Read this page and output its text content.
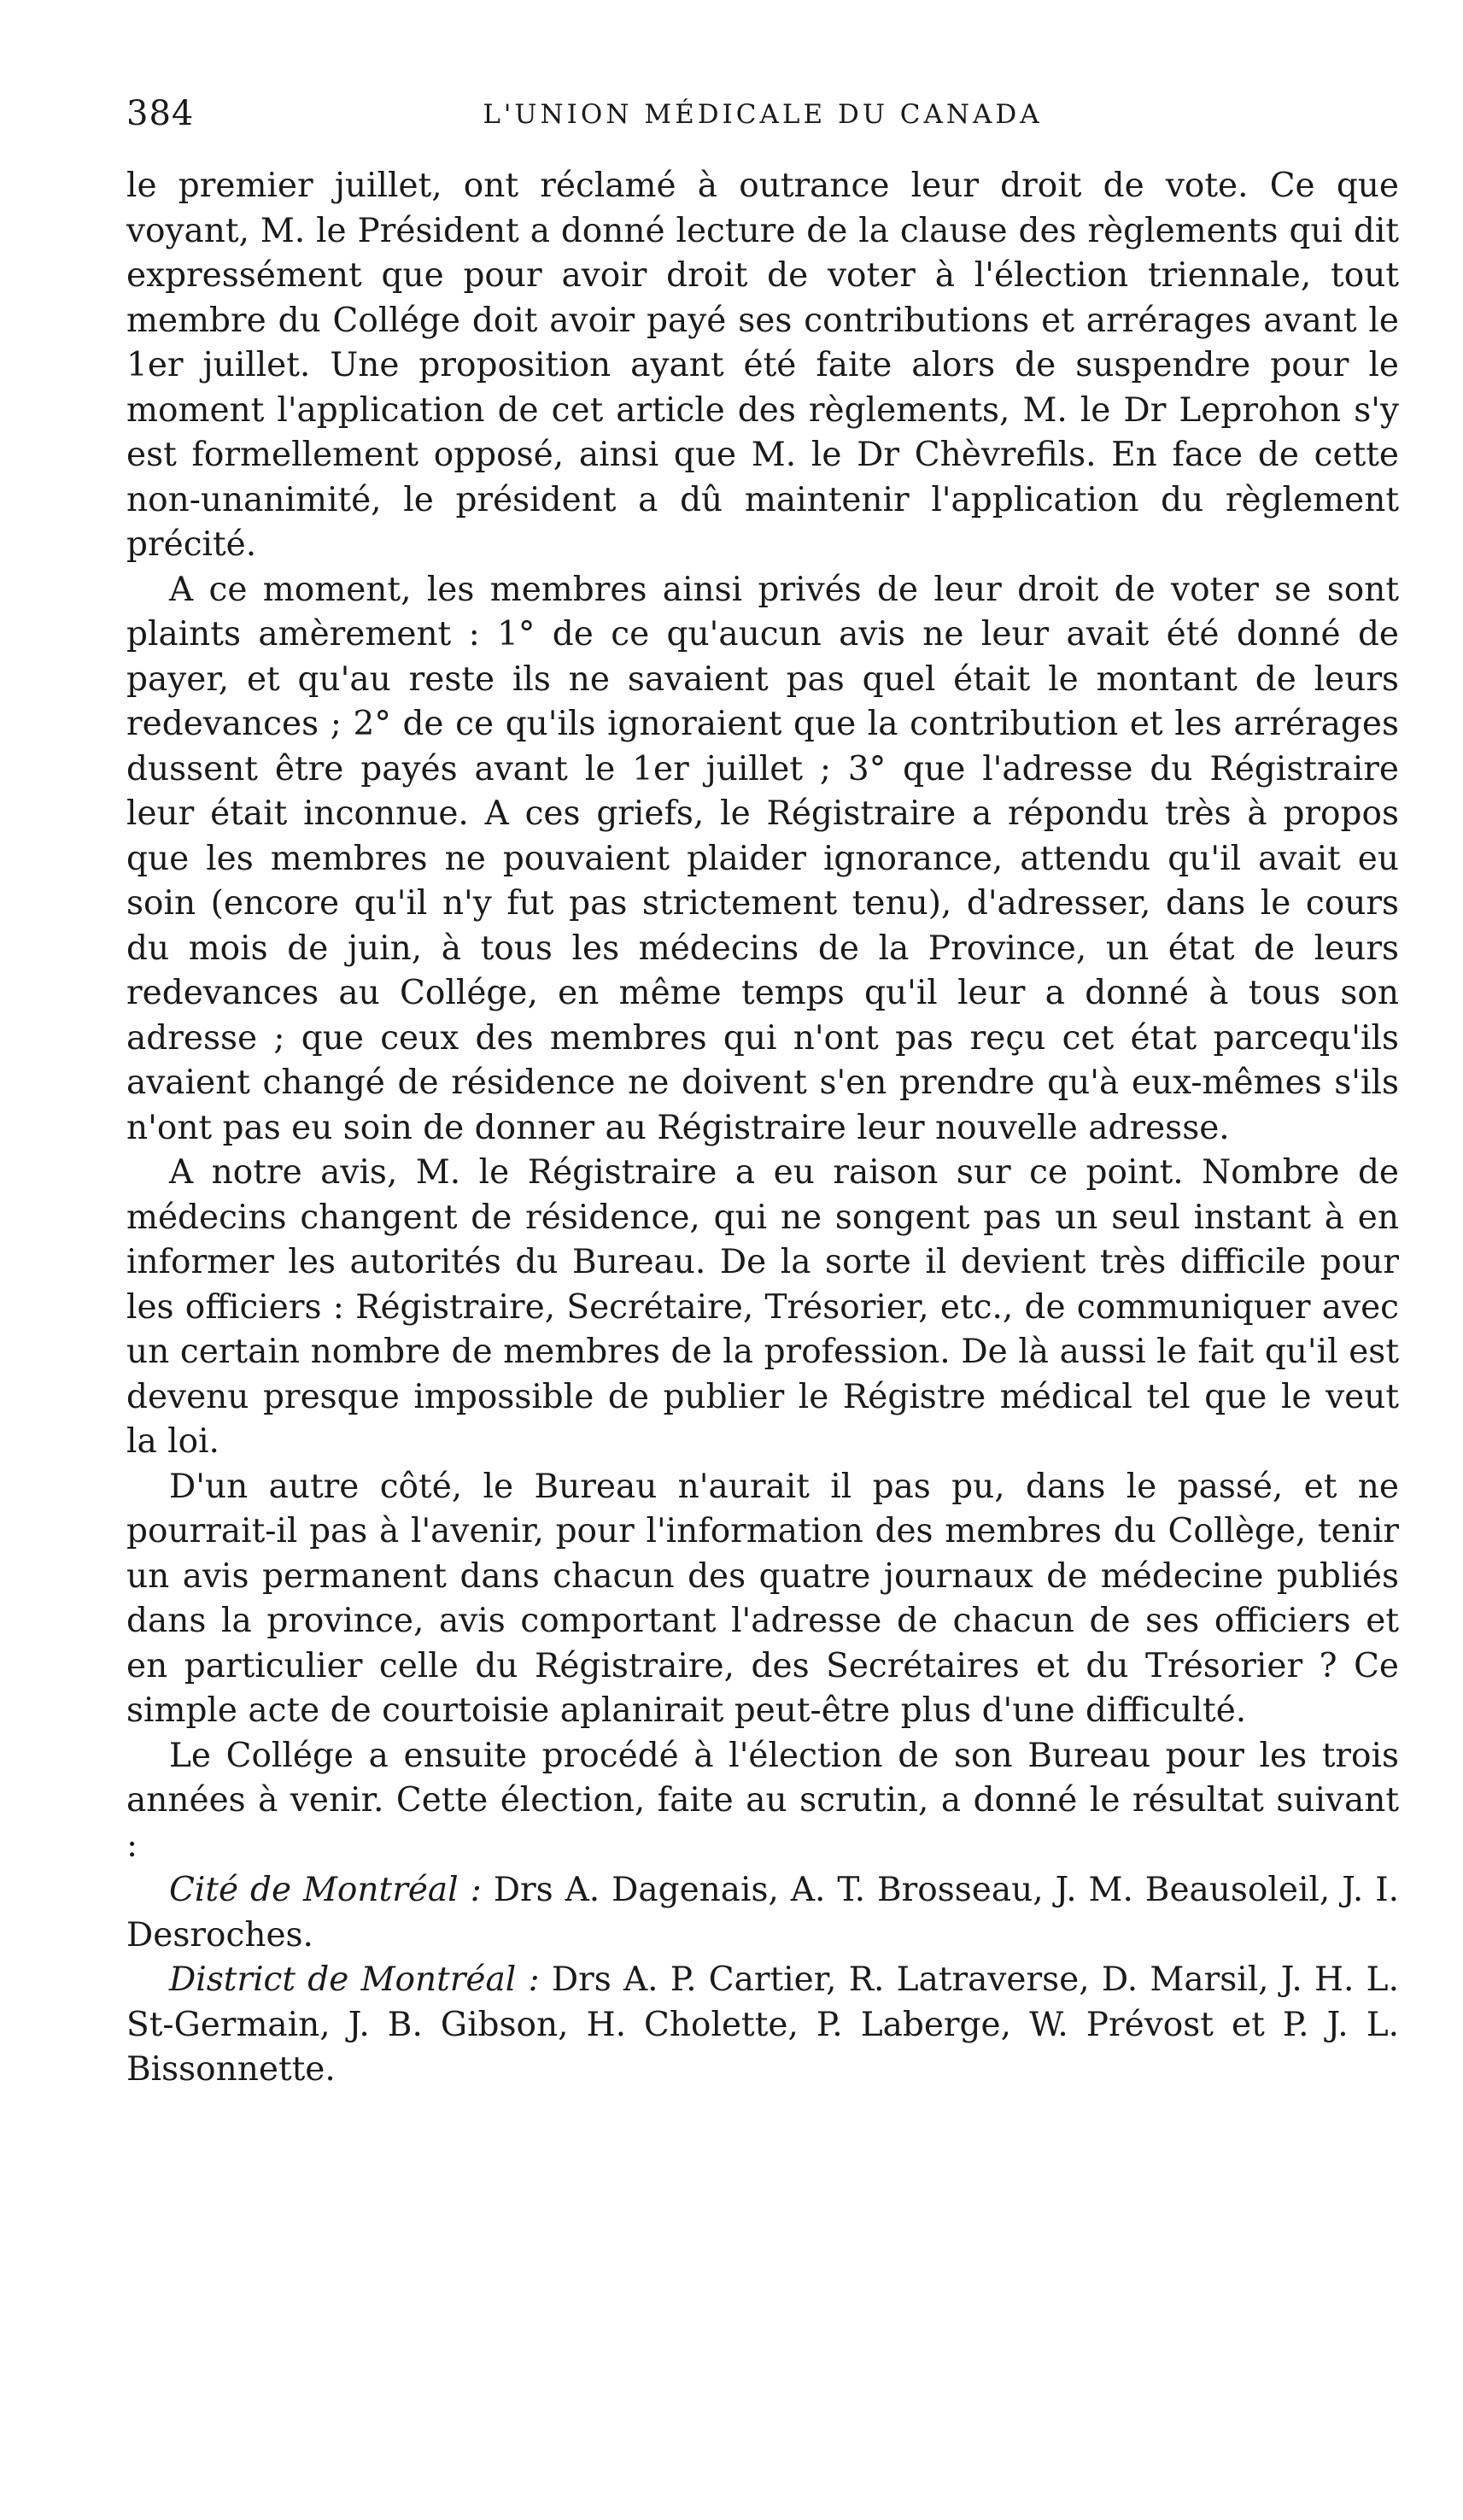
384	L'UNION MÉDICALE DU CANADA

le premier juillet, ont réclamé à outrance leur droit de vote. Ce que voyant, M. le Président a donné lecture de la clause des règlements qui dit expressément que pour avoir droit de voter à l'élection triennale, tout membre du Collége doit avoir payé ses contributions et arrérages avant le 1er juillet. Une proposition ayant été faite alors de suspendre pour le moment l'application de cet article des règlements, M. le Dr Leprohon s'y est formellement opposé, ainsi que M. le Dr Chèvrefils. En face de cette non-unanimité, le président a dû maintenir l'application du règlement précité.

A ce moment, les membres ainsi privés de leur droit de voter se sont plaints amèrement : 1° de ce qu'aucun avis ne leur avait été donné de payer, et qu'au reste ils ne savaient pas quel était le montant de leurs redevances ; 2° de ce qu'ils ignoraient que la contribution et les arrérages dussent être payés avant le 1er juillet ; 3° que l'adresse du Régistraire leur était inconnue. A ces griefs, le Régistraire a répondu très à propos que les membres ne pouvaient plaider ignorance, attendu qu'il avait eu soin (encore qu'il n'y fut pas strictement tenu), d'adresser, dans le cours du mois de juin, à tous les médecins de la Province, un état de leurs redevances au Collége, en même temps qu'il leur a donné à tous son adresse ; que ceux des membres qui n'ont pas reçu cet état parcequ'ils avaient changé de résidence ne doivent s'en prendre qu'à eux-mêmes s'ils n'ont pas eu soin de donner au Régistraire leur nouvelle adresse.

A notre avis, M. le Régistraire a eu raison sur ce point. Nombre de médecins changent de résidence, qui ne songent pas un seul instant à en informer les autorités du Bureau. De la sorte il devient très difficile pour les officiers : Régistraire, Secrétaire, Trésorier, etc., de communiquer avec un certain nombre de membres de la profession. De là aussi le fait qu'il est devenu presque impossible de publier le Régistre médical tel que le veut la loi.

D'un autre côté, le Bureau n'aurait il pas pu, dans le passé, et ne pourrait-il pas à l'avenir, pour l'information des membres du Collège, tenir un avis permanent dans chacun des quatre journaux de médecine publiés dans la province, avis comportant l'adresse de chacun de ses officiers et en particulier celle du Régistraire, des Secrétaires et du Trésorier ? Ce simple acte de courtoisie aplanirait peut-être plus d'une difficulté.

Le Collége a ensuite procédé à l'élection de son Bureau pour les trois années à venir. Cette élection, faite au scrutin, a donné le résultat suivant :

Cité de Montréal : Drs A. Dagenais, A. T. Brosseau, J. M. Beausoleil, J. I. Desroches.

District de Montréal : Drs A. P. Cartier, R. Latraverse, D. Marsil, J. H. L. St-Germain, J. B. Gibson, H. Cholette, P. Laberge, W. Prévost et P. J. L. Bissonnette.
